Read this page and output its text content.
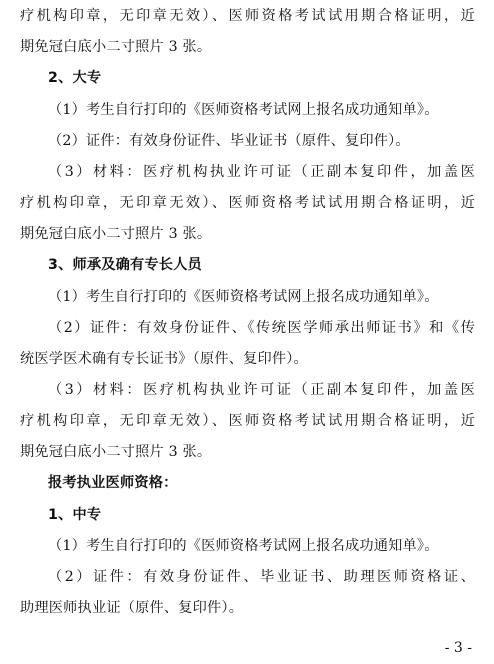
疗机构印章，无印章无效）、医师资格考试试用期合格证明，近
期免冠白底小二寸照片 3 张。
2、大专
（1）考生自行打印的《医师资格考试网上报名成功通知单》。
（2）证件：有效身份证件、毕业证书（原件、复印件）。
（3）材料：医疗机构执业许可证（正副本复印件，加盖医
疗机构印章，无印章无效）、医师资格考试试用期合格证明，近
期免冠白底小二寸照片 3 张。
3、师承及确有专长人员
（1）考生自行打印的《医师资格考试网上报名成功通知单》。
（2）证件：有效身份证件、《传统医学师承出师证书》和《传
统医学医术确有专长证书》（原件、复印件）。
（3）材料：医疗机构执业许可证（正副本复印件，加盖医
疗机构印章，无印章无效）、医师资格考试试用期合格证明，近
期免冠白底小二寸照片 3 张。
报考执业医师资格：
1、中专
（1）考生自行打印的《医师资格考试网上报名成功通知单》。
（2）证件：有效身份证件、毕业证书、助理医师资格证、
助理医师执业证（原件、复印件）。
- 3 -
